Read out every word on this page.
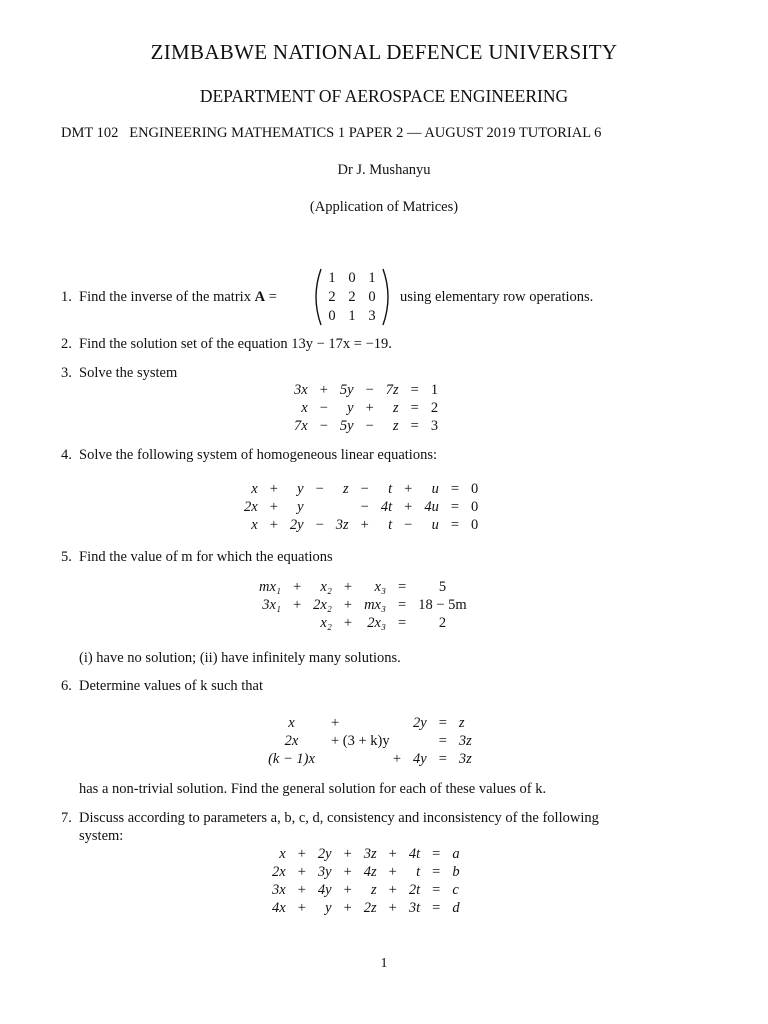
ZIMBABWE NATIONAL DEFENCE UNIVERSITY
DEPARTMENT OF AEROSPACE ENGINEERING
DMT 102   ENGINEERING MATHEMATICS 1 PAPER 2 — AUGUST 2019 TUTORIAL 6
Dr J. Mushanyu
(Application of Matrices)
1. Find the inverse of the matrix A =
1 0 1
2 2 0
0 1 3
using elementary row operations.
2. Find the solution set of the equation 13y − 17x = −19.
3. Solve the system
3x	+	5y	−	7z	=	1
x	−	y	+	z	=	2
7x	−	5y	−	z	=	3
4. Solve the following system of homogeneous linear equations:
x	+	y	−	z	−	t	+	u	=	0
2x	+	y			−	4t	+	4u	=	0
x	+	2y	−	3z	+	t	−	u	=	0
5. Find the value of m for which the equations
mx₁	+	x₂	+	x₃	=	5
3x₁	+	2x₂	+	mx₃	=	18 − 5m
		x₂	+	2x₃	=	2
(i) have no solution; (ii) have infinitely many solutions.
6. Determine values of k such that
x	+	2y	=	z
2x	+ (3 + k)y		=	3z
(k − 1)x	+	4y	=	3z
has a non-trivial solution. Find the general solution for each of these values of k.
7. Discuss according to parameters a, b, c, d, consistency and inconsistency of the following
system:
x	+	2y	+	3z	+	4t	=	a
2x	+	3y	+	4z	+	t	=	b
3x	+	4y	+	z	+	2t	=	c
4x	+	y	+	2z	+	3t	=	d
1
